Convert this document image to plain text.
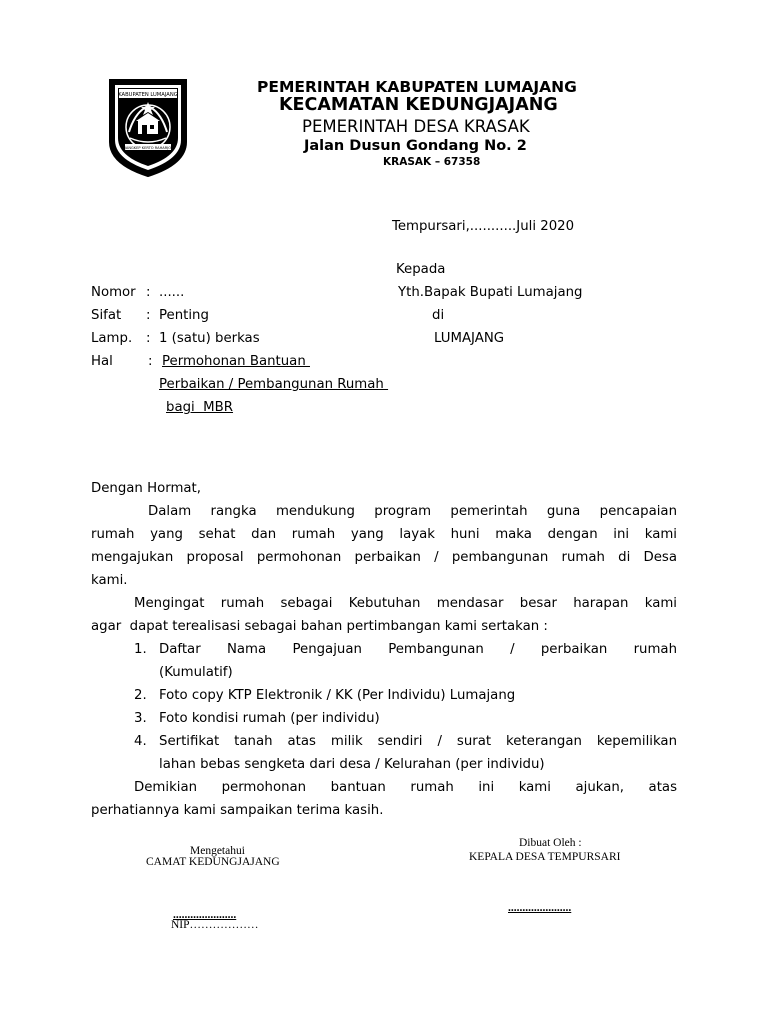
KABUPATEN LUMAJANG
JANGKEP KERTO RAHARJO
PEMERINTAH KABUPATEN LUMAJANG
KECAMATAN KEDUNGJAJANG
PEMERINTAH DESA KRASAK
Jalan Dusun Gondang No. 2
KRASAK – 67358
Tempursari,...........Juli 2020
Kepada
Yth.Bapak Bupati Lumajang
di
LUMAJANG
Nomor : ......
Sifat : Penting
Lamp. : 1 (satu) berkas
Hal	: Permohonan Bantuan
Perbaikan / Pembangunan Rumah
bagi  MBR
Dengan Hormat,
Dalam rangka mendukung program pemerintah guna pencapaian
rumah yang sehat dan rumah yang layak huni maka dengan ini kami
mengajukan proposal permohonan perbaikan / pembangunan rumah di Desa
kami.
Mengingat rumah sebagai Kebutuhan mendasar besar harapan kami
agar  dapat terealisasi sebagai bahan pertimbangan kami sertakan :
1. Daftar Nama Pengajuan Pembangunan / perbaikan rumah
(Kumulatif)
2. Foto copy KTP Elektronik / KK (Per Individu) Lumajang
3. Foto kondisi rumah (per individu)
4. Sertifikat tanah atas milik sendiri / surat keterangan kepemilikan
lahan bebas sengketa dari desa / Kelurahan (per individu)
Demikian permohonan bantuan rumah ini kami ajukan, atas
perhatiannya kami sampaikan terima kasih.
Mengetahui
CAMAT KEDUNGJAJANG
......................
NIP………………
Dibuat Oleh :
KEPALA DESA TEMPURSARI
......................
